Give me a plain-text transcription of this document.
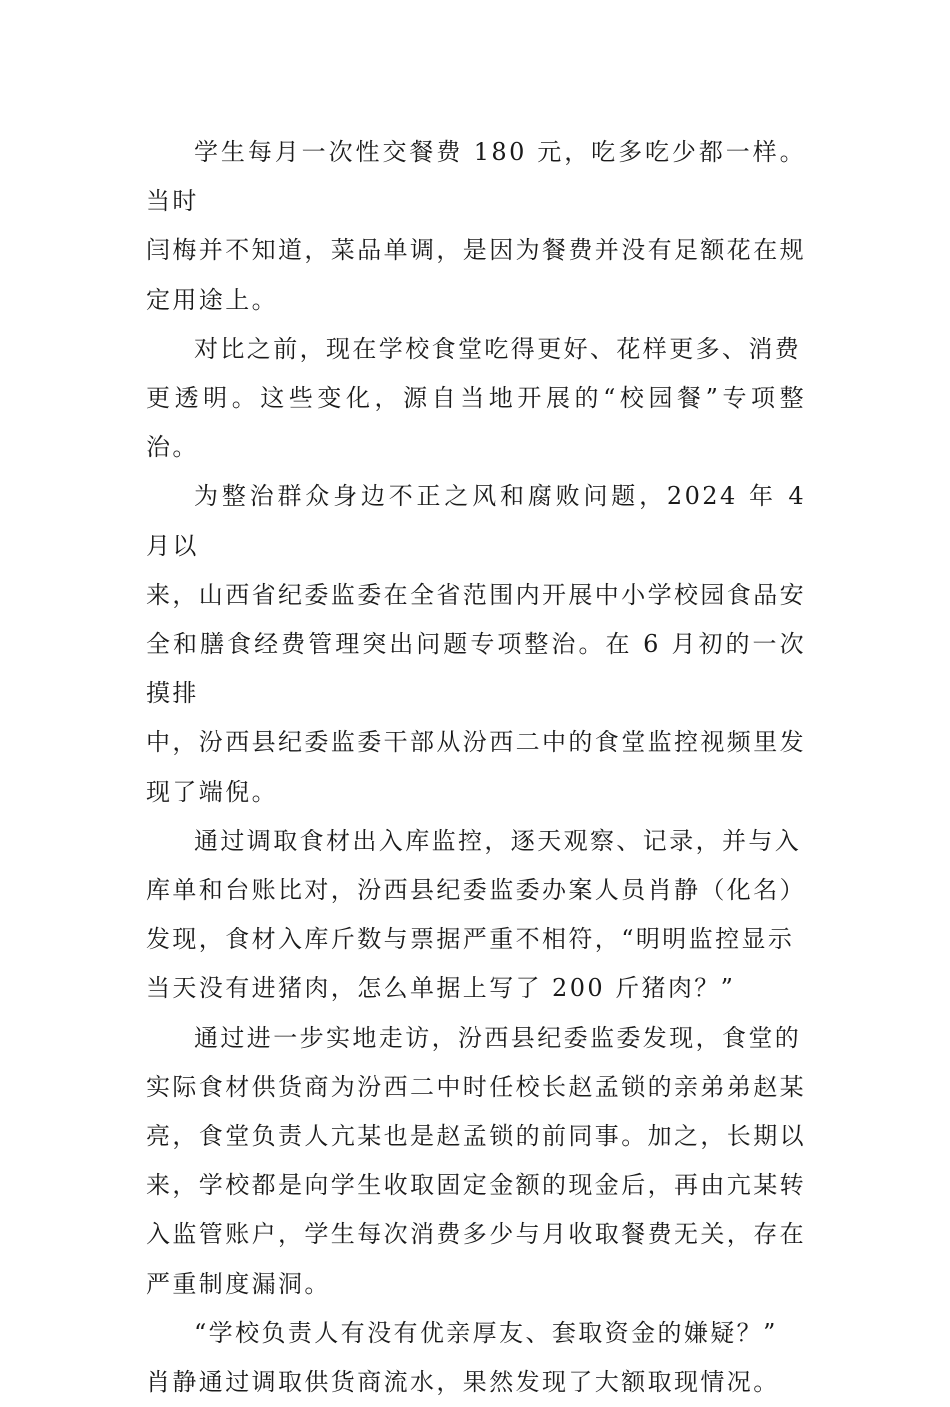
学生每月一次性交餐费 180 元，吃多吃少都一样。当时
闫梅并不知道，菜品单调，是因为餐费并没有足额花在规
定用途上。

对比之前，现在学校食堂吃得更好、花样更多、消费
更透明。这些变化，源自当地开展的“校园餐”专项整治。

为整治群众身边不正之风和腐败问题，2024 年 4 月以
来，山西省纪委监委在全省范围内开展中小学校园食品安
全和膳食经费管理突出问题专项整治。在 6 月初的一次摸排
中，汾西县纪委监委干部从汾西二中的食堂监控视频里发
现了端倪。

通过调取食材出入库监控，逐天观察、记录，并与入
库单和台账比对，汾西县纪委监委办案人员肖静（化名）
发现，食材入库斤数与票据严重不相符，“明明监控显示
当天没有进猪肉，怎么单据上写了 200 斤猪肉？”

通过进一步实地走访，汾西县纪委监委发现，食堂的
实际食材供货商为汾西二中时任校长赵孟锁的亲弟弟赵某
亮，食堂负责人亢某也是赵孟锁的前同事。加之，长期以
来，学校都是向学生收取固定金额的现金后，再由亢某转
入监管账户，学生每次消费多少与月收取餐费无关，存在
严重制度漏洞。

“学校负责人有没有优亲厚友、套取资金的嫌疑？”
肖静通过调取供货商流水，果然发现了大额取现情况。
